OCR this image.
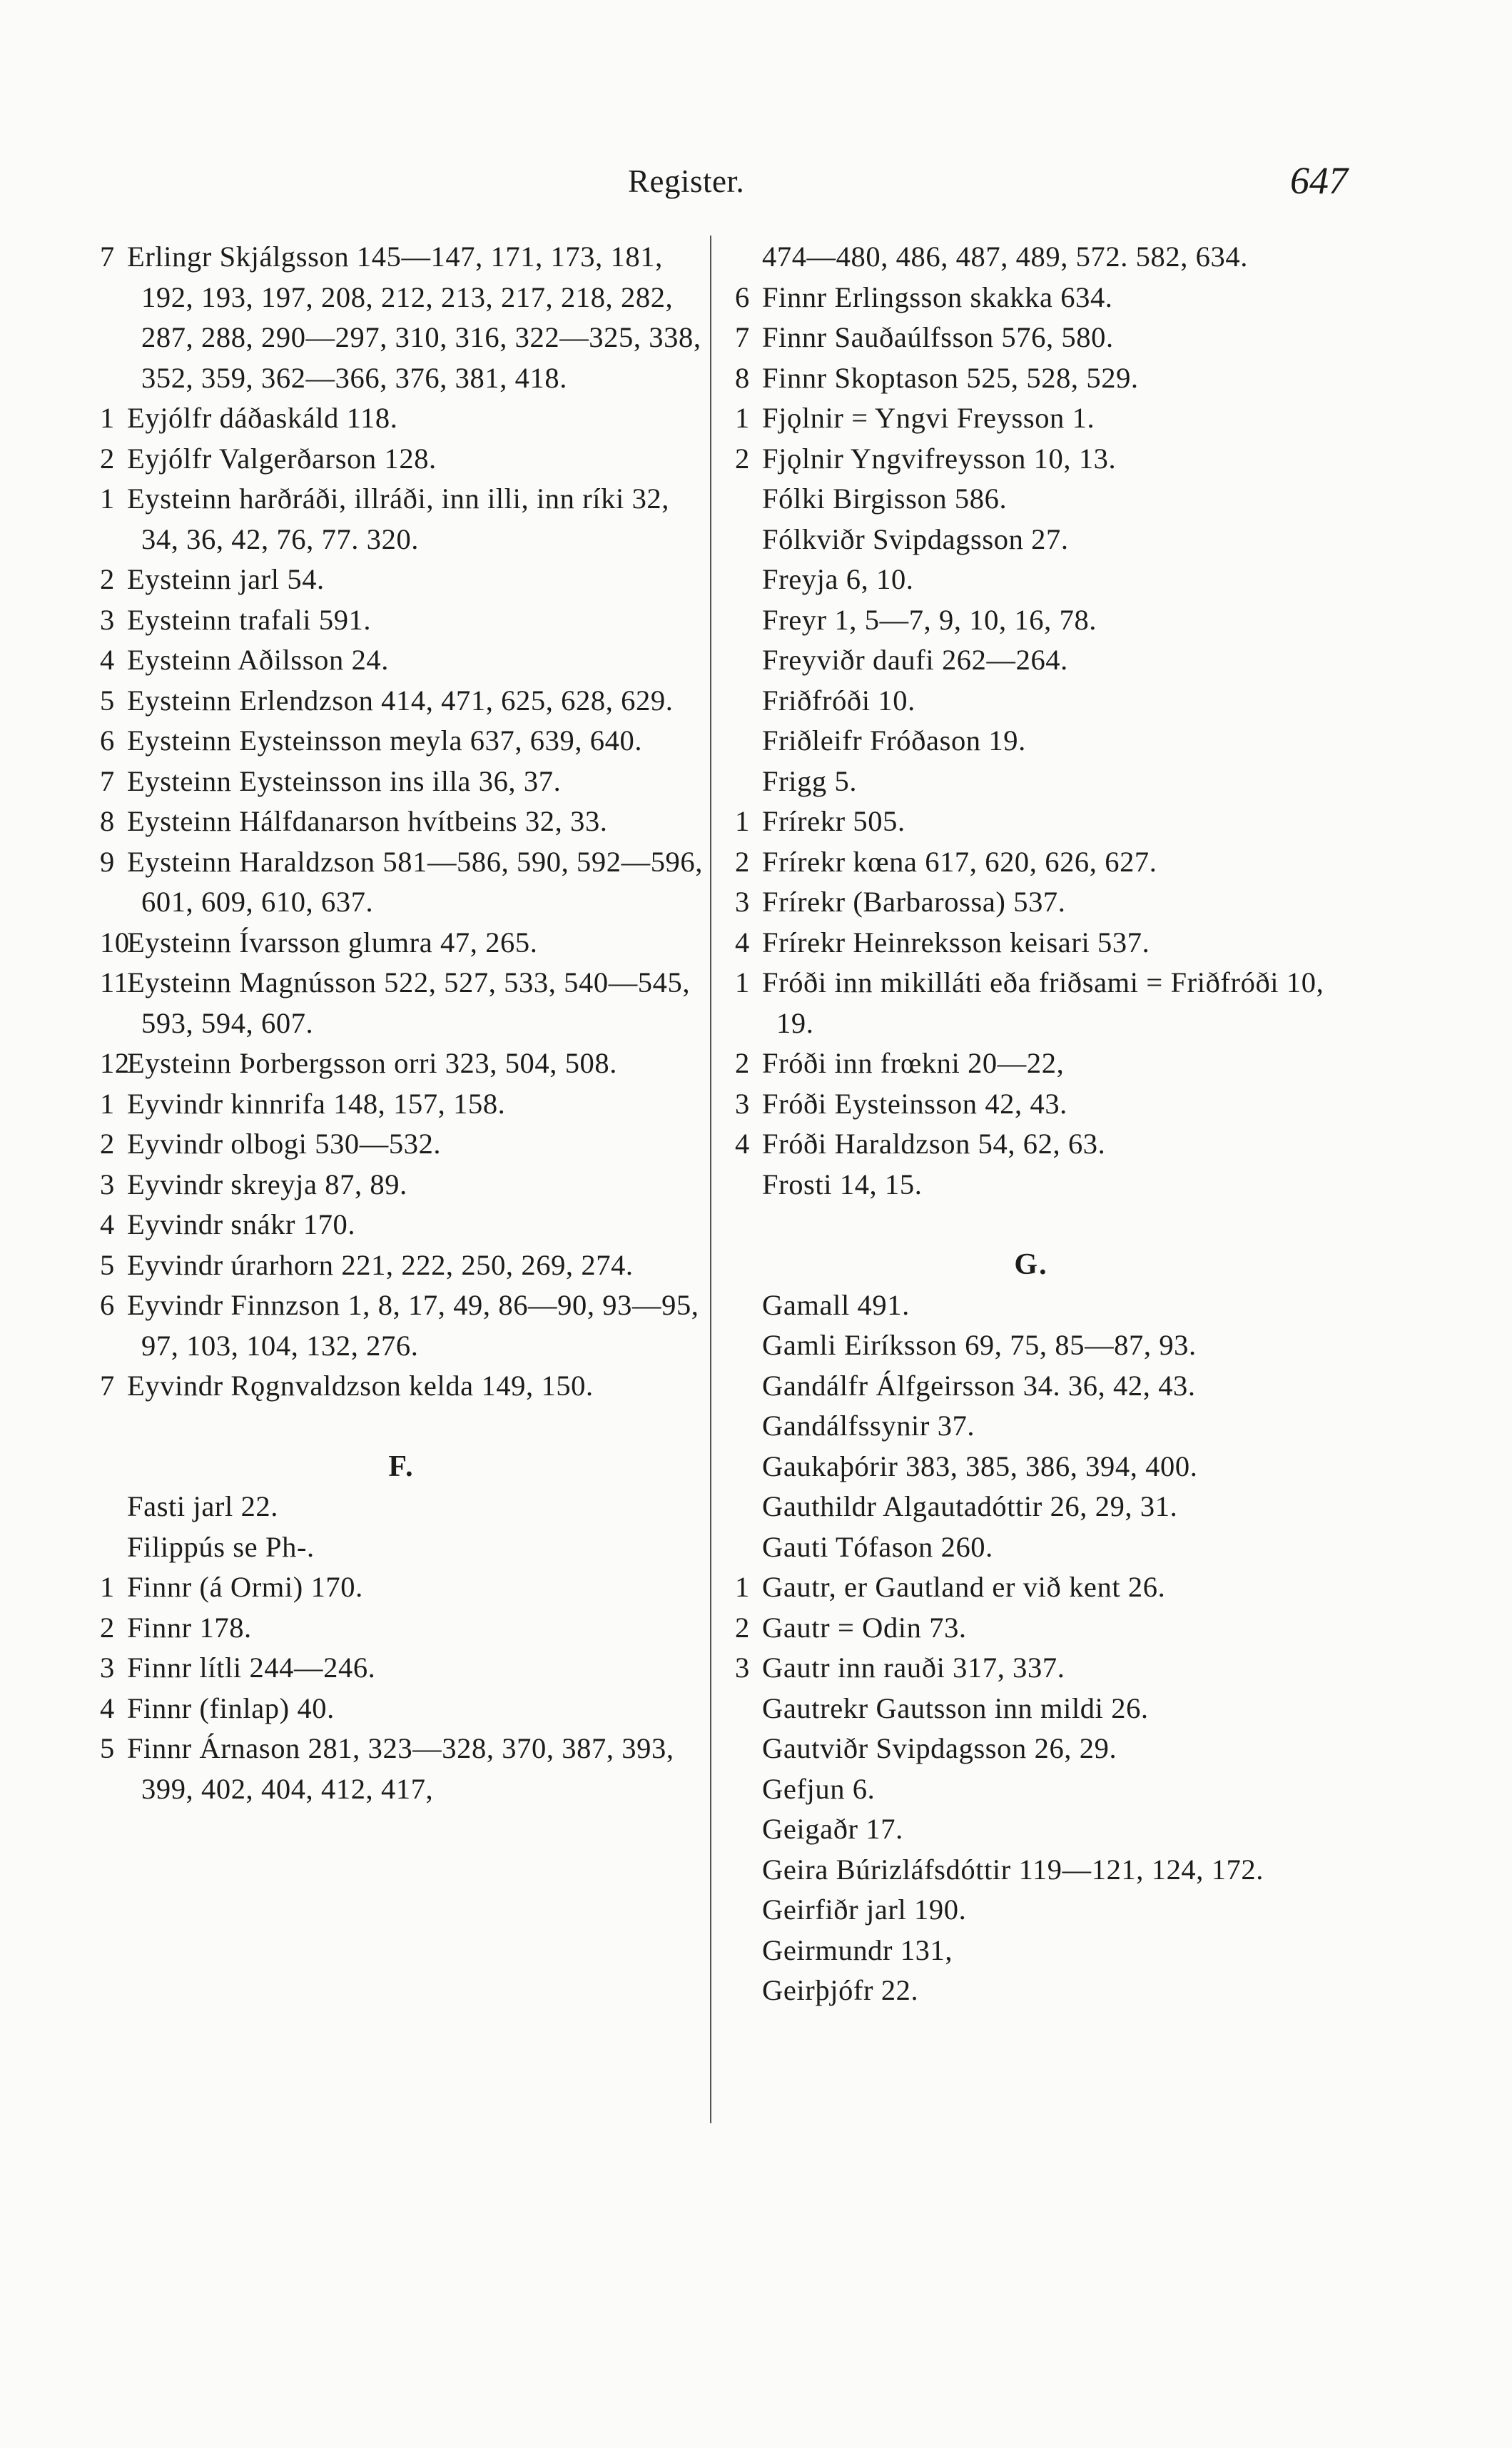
Register.	647

7 Erlingr Skjálgsson 145—147, 171, 173, 181, 192, 193, 197, 208, 212, 213, 217, 218, 282, 287, 288, 290—297, 310, 316, 322—325, 338, 352, 359, 362—366, 376, 381, 418.

1 Eyjólfr dáðaskáld 118.

2 Eyjólfr Valgerðarson 128.

1 Eysteinn harðráði, illráði, inn illi, inn ríki 32, 34, 36, 42, 76, 77. 320.

2 Eysteinn jarl 54.

3 Eysteinn trafali 591.

4 Eysteinn Aðilsson 24.

5 Eysteinn Erlendzson 414, 471, 625, 628, 629.

6 Eysteinn Eysteinsson meyla 637, 639, 640.

7 Eysteinn Eysteinsson ins illa 36, 37.

8 Eysteinn Hálfdanarson hvítbeins 32, 33.

9 Eysteinn Haraldzson 581—586, 590, 592—596, 601, 609, 610, 637.

10Eysteinn Ívarsson glumra 47, 265.

11Eysteinn Magnússon 522, 527, 533, 540—545, 593, 594, 607.

12Eysteinn Þorbergsson orri 323, 504, 508.

1 Eyvindr kinnrifa 148, 157, 158.

2 Eyvindr olbogi 530—532.

3 Eyvindr skreyja 87, 89.

4 Eyvindr snákr 170.

5 Eyvindr úrarhorn 221, 222, 250, 269, 274.

6 Eyvindr Finnzson 1, 8, 17, 49, 86—90, 93—95, 97, 103, 104, 132, 276.

7 Eyvindr Rǫgnvaldzson kelda 149, 150.

F.

Fasti jarl 22.

Filippús se Ph-.

1 Finnr (á Ormi) 170.

2 Finnr 178.

3 Finnr lítli 244—246.

4 Finnr (finlap) 40.

5 Finnr Árnason 281, 323—328, 370, 387, 393, 399, 402, 404, 412, 417,

474—480, 486, 487, 489, 572. 582, 634.

6 Finnr Erlingsson skakka 634.

7 Finnr Sauðaúlfsson 576, 580.

8 Finnr Skoptason 525, 528, 529.

1 Fjǫlnir = Yngvi Freysson 1.

2 Fjǫlnir Yngvifreysson 10, 13.

Fólki Birgisson 586.

Fólkviðr Svipdagsson 27.

Freyja 6, 10.

Freyr 1, 5—7, 9, 10, 16, 78.

Freyviðr daufi 262—264.

Friðfróði 10.

Friðleifr Fróðason 19.

Frigg 5.

1 Frírekr 505.

2 Frírekr kœna 617, 620, 626, 627.

3 Frírekr (Barbarossa) 537.

4 Frírekr Heinreksson keisari 537.

1 Fróði inn mikilláti eða friðsami = Friðfróði 10, 19.

2 Fróði inn frœkni 20—22,

3 Fróði Eysteinsson 42, 43.

4 Fróði Haraldzson 54, 62, 63.

Frosti 14, 15.

G.

Gamall 491.

Gamli Eiríksson 69, 75, 85—87, 93.

Gandálfr Álfgeirsson 34. 36, 42, 43.

Gandálfssynir 37.

Gaukaþórir 383, 385, 386, 394, 400.

Gauthildr Algautadóttir 26, 29, 31.

Gauti Tófason 260.

1 Gautr, er Gautland er við kent 26.

2 Gautr = Odin 73.

3 Gautr inn rauði 317, 337.

Gautrekr Gautsson inn mildi 26.

Gautviðr Svipdagsson 26, 29.

Gefjun 6.

Geigaðr 17.

Geira Búrizláfsdóttir 119—121, 124, 172.

Geirfiðr jarl 190.

Geirmundr 131,

Geirþjófr 22.
